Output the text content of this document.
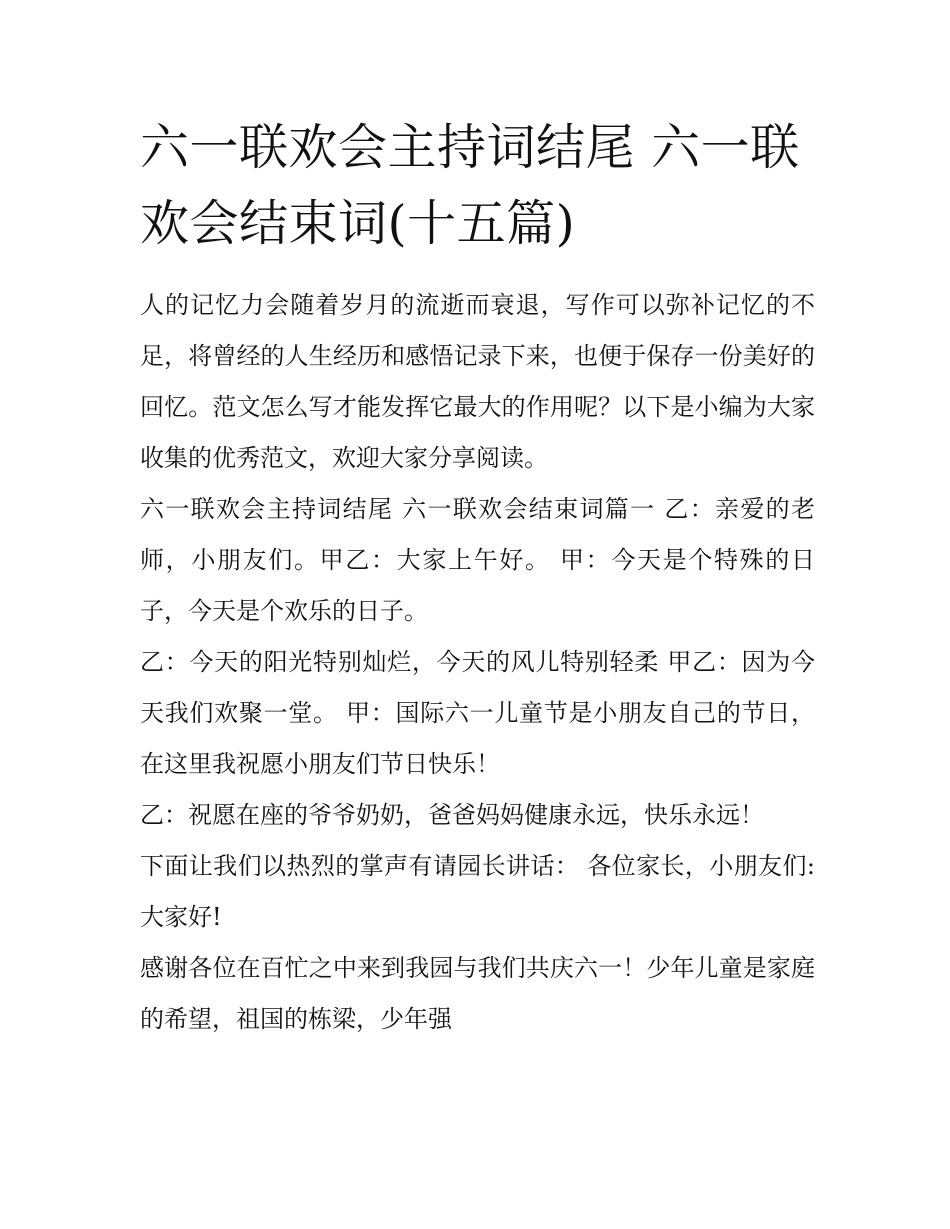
六一联欢会主持词结尾 六一联欢会结束词(十五篇)

人的记忆力会随着岁月的流逝而衰退，写作可以弥补记忆的不足，将曾经的人生经历和感悟记录下来，也便于保存一份美好的回忆。范文怎么写才能发挥它最大的作用呢？以下是小编为大家收集的优秀范文，欢迎大家分享阅读。

六一联欢会主持词结尾 六一联欢会结束词篇一 乙：亲爱的老师，小朋友们。甲乙：大家上午好。 甲：今天是个特殊的日子，今天是个欢乐的日子。

乙：今天的阳光特别灿烂，今天的风儿特别轻柔 甲乙：因为今天我们欢聚一堂。 甲：国际六一儿童节是小朋友自己的节日，在这里我祝愿小朋友们节日快乐！

乙：祝愿在座的爷爷奶奶，爸爸妈妈健康永远，快乐永远！

下面让我们以热烈的掌声有请园长讲话： 各位家长，小朋友们: 大家好!

感谢各位在百忙之中来到我园与我们共庆六一！少年儿童是家庭的希望，祖国的栋梁，少年强
